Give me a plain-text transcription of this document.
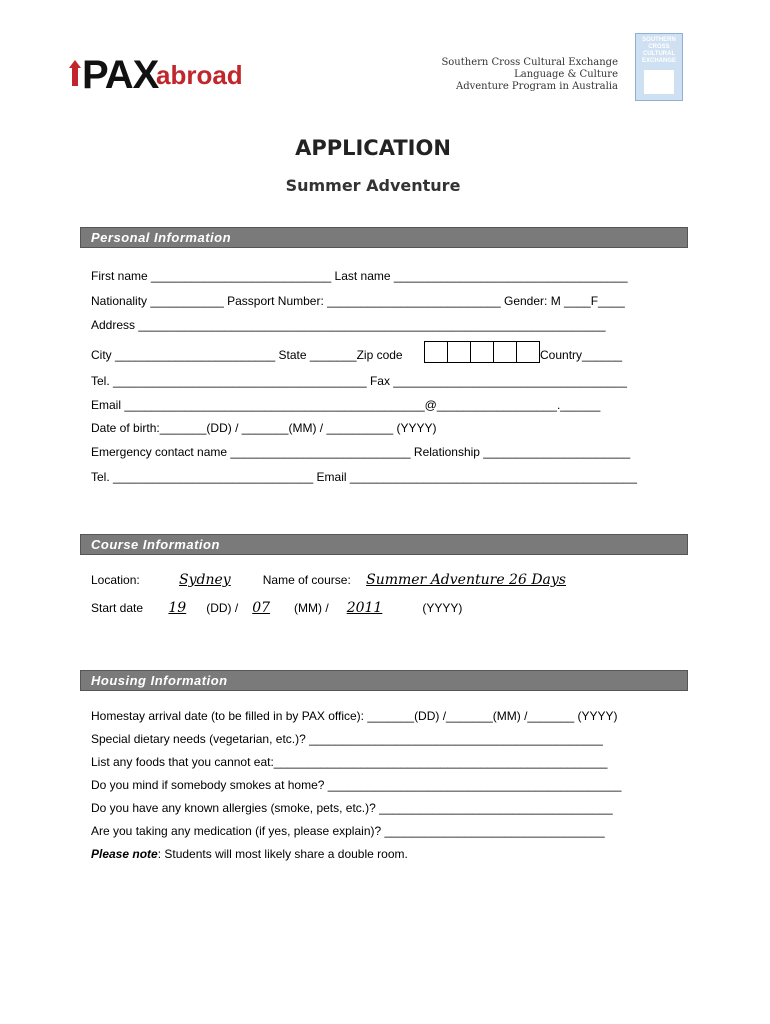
PAX
abroad	Southern Cross Cultural Exchange
Language & Culture
Adventure Program in Australia
SOUTHERN
CROSS
CULTURAL
EXCHANGE
APPLICATION
Summer Adventure
Personal Information
First name ___________________________ Last name ___________________________________
Nationality ___________ Passport Number: __________________________ Gender: M ____F____
Address ______________________________________________________________________
City ________________________ State _______Zip code	Country______
Tel. ______________________________________ Fax ___________________________________
Email _____________________________________________@__________________.______
Date of birth:_______(DD) / _______(MM) / __________ (YYYY)
Emergency contact name ___________________________ Relationship ______________________
Tel. ______________________________ Email ___________________________________________
Course Information
Location:	Sydney	Name of course: Summer Adventure 26 Days
Start date 19 (DD) / 07 (MM) / 2011	(YYYY)
Housing Information
Homestay arrival date (to be filled in by PAX office): _______(DD) /_______(MM) /_______ (YYYY)
Special dietary needs (vegetarian, etc.)? ____________________________________________
List any foods that you cannot eat:__________________________________________________
Do you mind if somebody smokes at home? ____________________________________________
Do you have any known allergies (smoke, pets, etc.)? ___________________________________
Are you taking any medication (if yes, please explain)? _________________________________
Please note: Students will most likely share a double room.
